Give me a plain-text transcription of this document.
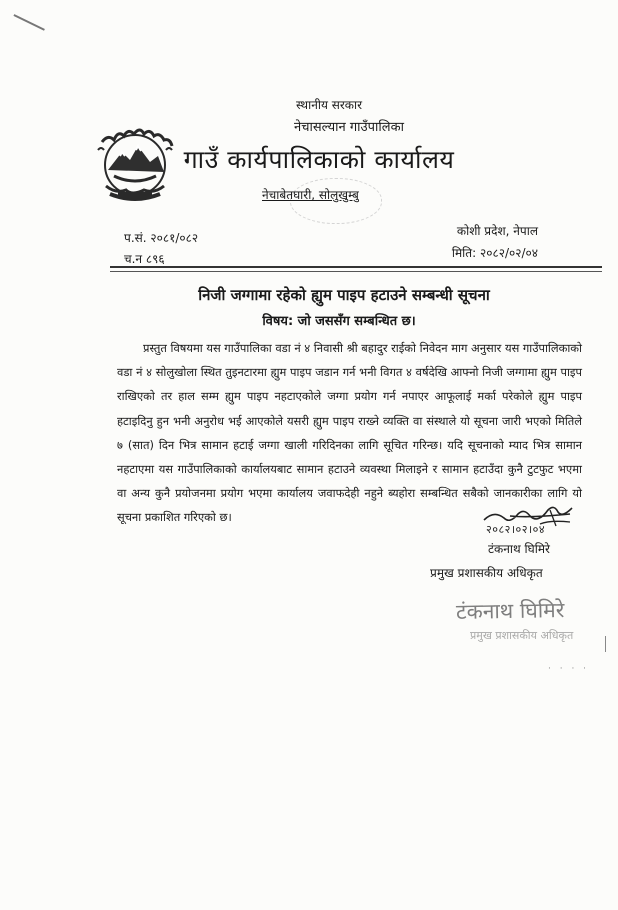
स्थानीय सरकार
नेचासल्यान गाउँपालिका
गाउँ कार्यपालिकाको कार्यालय
नेचाबेतघारी, सोलुखुम्बु
प.सं. २०८१/०८२
च.न ८९६
कोशी प्रदेश, नेपाल
मिति: २०८२/०२/०४
निजी जग्गामा रहेको ह्युम पाइप हटाउने सम्बन्धी सूचना
विषय: जो जससँग सम्बन्धित छ।
प्रस्तुत विषयमा यस गाउँपालिका वडा नं ४ निवासी श्री बहादुर राईको निवेदन माग अनुसार यस गाउँपालिकाको वडा नं ४ सोलुखोला स्थित तुइनटारमा ह्युम पाइप जडान गर्न भनी विगत ४ वर्षदेखि आफ्नो निजी जग्गामा ह्युम पाइप राखिएको तर हाल सम्म ह्युम पाइप नहटाएकोले जग्गा प्रयोग गर्न नपाएर आफूलाई मर्का परेकोले ह्युम पाइप हटाइदिनु हुन भनी अनुरोध भई आएकोले यसरी ह्युम पाइप राख्ने व्यक्ति वा संस्थाले यो सूचना जारी भएको मितिले ७ (सात) दिन भित्र सामान हटाई जग्गा खाली गरिदिनका लागि सूचित गरिन्छ। यदि सूचनाको म्याद भित्र सामान नहटाएमा यस गाउँपालिकाको कार्यालयबाट सामान हटाउने व्यवस्था मिलाइने र सामान हटाउँदा कुनै टुटफुट भएमा वा अन्य कुनै प्रयोजनमा प्रयोग भएमा कार्यालय जवाफदेही नहुने ब्यहोरा सम्बन्धित सबैको जानकारीका लागि यो सूचना प्रकाशित गरिएको छ।
२०८२।०२।०४
टंकनाथ घिमिरे
प्रमुख प्रशासकीय अधिकृत
टंकनाथ घिमिरे
प्रमुख प्रशासकीय अधिकृत
· · · ·
